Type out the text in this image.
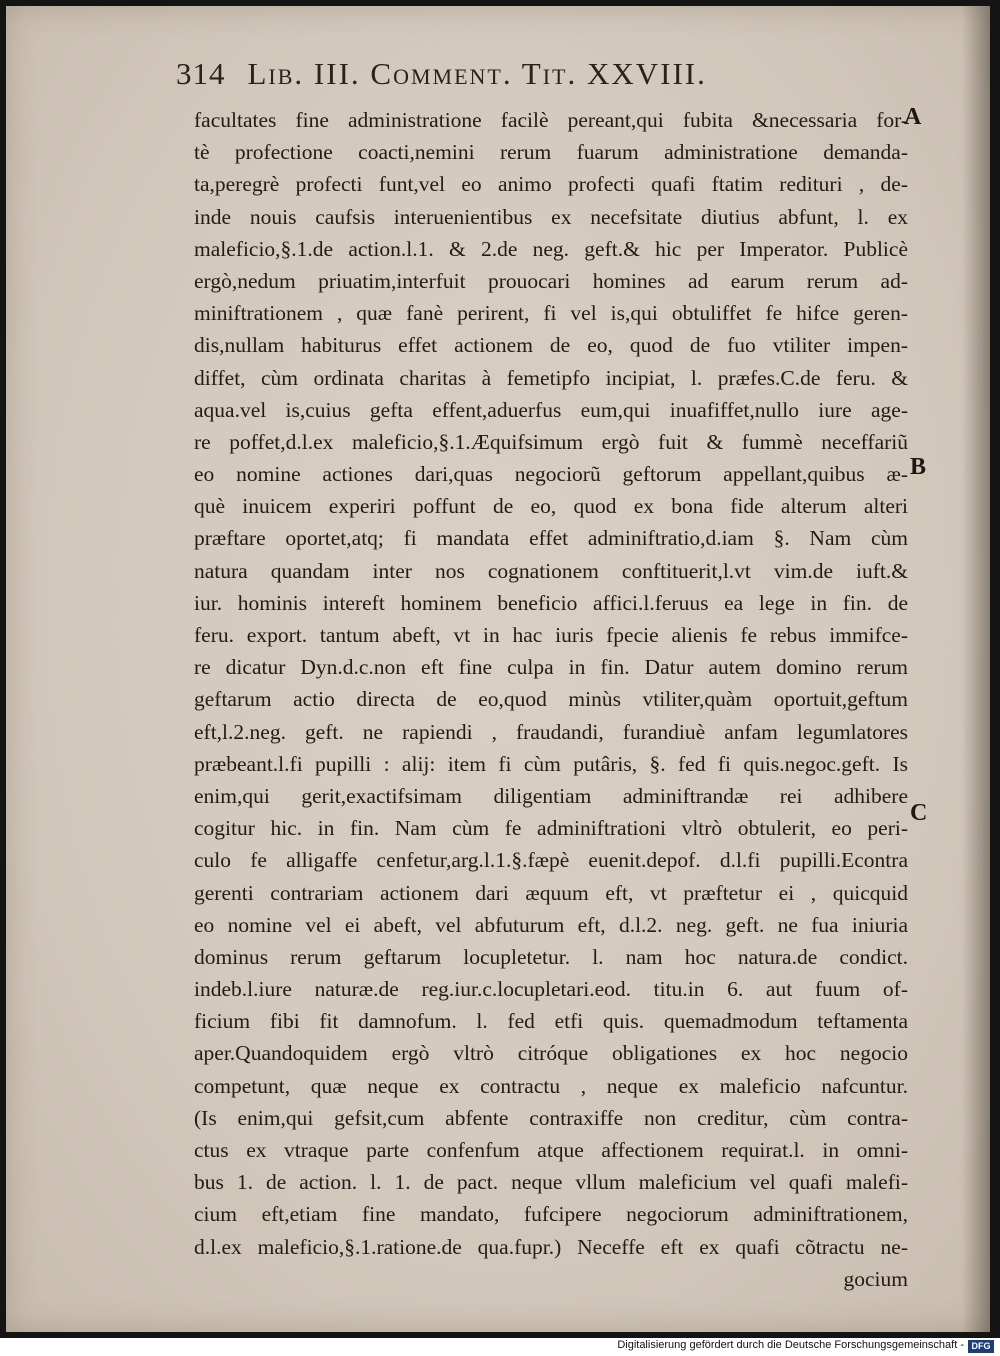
314 Lib. III. Comment. Tit. XXVIII.
facultates fine administratione facilè pereant,qui fubita &necessaria for-
tè profectione coacti,nemini rerum fuarum administratione demanda-
ta,peregrè profecti funt,vel eo animo profecti quafi ftatim redituri , de-
inde nouis caufsis interuenientibus ex necefsitate diutius abfunt, l. ex
maleficio,§.1.de action.l.1. & 2.de neg. geft.& hic per Imperator. Publicè
ergò,nedum priuatim,interfuit prouocari homines ad earum rerum ad-
miniftrationem , quæ fanè perirent, fi vel is,qui obtuliffet fe hifce geren-
dis,nullam habiturus effet actionem de eo, quod de fuo vtiliter impen-
diffet, cùm ordinata charitas à femetipfo incipiat, l. præfes.C.de feru. &
aqua.vel is,cuius gefta effent,aduerfus eum,qui inuafiffet,nullo iure age-
re poffet,d.l.ex maleficio,§.1.Æquifsimum ergò fuit & fummè neceffariũ
eo nomine actiones dari,quas negociorũ geftorum appellant,quibus æ-
què inuicem experiri poffunt de eo, quod ex bona fide alterum alteri
præftare oportet,atq; fi mandata effet adminiftratio,d.iam §. Nam cùm
natura quandam inter nos cognationem conftituerit,l.vt vim.de iuft.&
iur. hominis intereft hominem beneficio affici.l.feruus ea lege in fin. de
feru. export. tantum abeft, vt in hac iuris fpecie alienis fe rebus immifce-
re dicatur Dyn.d.c.non eft fine culpa in fin. Datur autem domino rerum
geftarum actio directa de eo,quod minùs vtiliter,quàm oportuit,geftum
eft,l.2.neg. geft. ne rapiendi , fraudandi, furandiuè anfam legumlatores
præbeant.l.fi pupilli : alij: item fi cùm putâris, §. fed fi quis.negoc.geft. Is
enim,qui gerit,exactifsimam diligentiam adminiftrandæ rei adhibere
cogitur hic. in fin. Nam cùm fe adminiftrationi vltrò obtulerit, eo peri-
culo fe alligaffe cenfetur,arg.l.1.§.fæpè euenit.depof. d.l.fi pupilli.Econtra
gerenti contrariam actionem dari æquum eft, vt præftetur ei , quicquid
eo nomine vel ei abeft, vel abfuturum eft, d.l.2. neg. geft. ne fua iniuria
dominus rerum geftarum locupletetur. l. nam hoc natura.de condict.
indeb.l.iure naturæ.de reg.iur.c.locupletari.eod. titu.in 6. aut fuum of-
ficium fibi fit damnofum. l. fed etfi quis. quemadmodum teftamenta
aper.Quandoquidem ergò vltrò citróque obligationes ex hoc negocio
competunt, quæ neque ex contractu , neque ex maleficio nafcuntur.
(Is enim,qui gefsit,cum abfente contraxiffe non creditur, cùm contra-
ctus ex vtraque parte confenfum atque affectionem requirat.l. in omni-
bus 1. de action. l. 1. de pact. neque vllum maleficium vel quafi malefi-
cium eft,etiam fine mandato, fufcipere negociorum adminiftrationem,
d.l.ex maleficio,§.1.ratione.de qua.fupr.) Neceffe eft ex quafi cõtractu ne-
gocium
A
B
C
Digitalisierung gefördert durch die Deutsche Forschungsgemeinschaft - DFG
